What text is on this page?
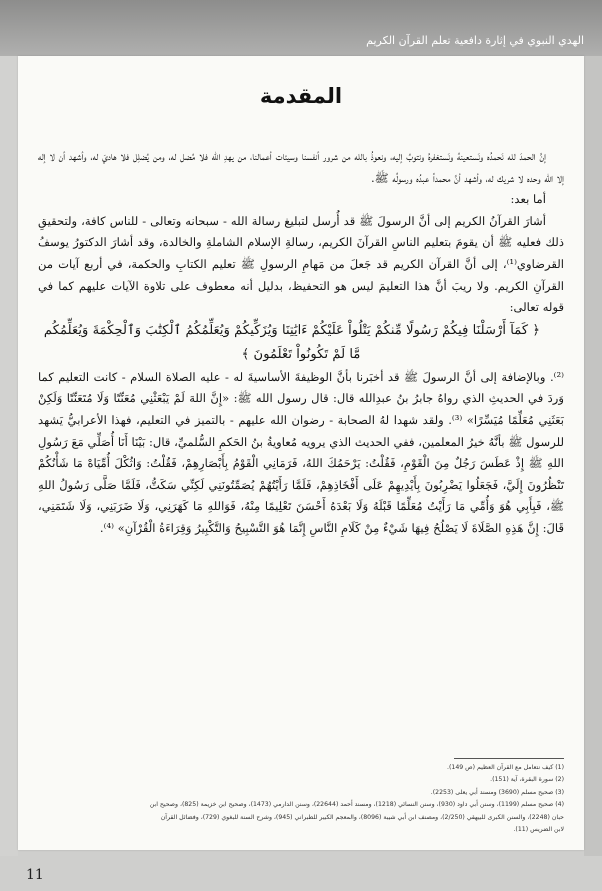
الهدي النبوي في إثارة دافعية تعلم القرآن الكريم
المقدمة

إنَّ الحمدَ لله نَحمدُه ونَستعينهُ ونَستغفرهُ ونتوبُ إليه، ونعوذُ بالله من شرور أنفسنا وسيئات أعمالنا، من يهدِ الله فلا مُضل له، ومن يُضلِل فلا هاديَ له، وأشهد أن لا إله إلا الله وحده لا شريك له، وأشهد أنَّ محمداً عبدُه ورسولُه ﷺ.

أما بعد:

أشارَ القرآنُ الكريم إلى أنَّ الرسولَ ﷺ قد أُرسل لتبليغ رسالة الله - سبحانه وتعالى - للناس كافة، ولتحقيقِ ذلك فعليه ﷺ أن يقومَ بتعليم الناسِ القرآنَ الكريم، رسالةِ الإسلام الشاملةِ والخالدة، وقد أشارَ الدكتورُ يوسفُ القرضاوي⁽¹⁾، إلى أنَّ القرآن الكريم قد جَعلَ من مَهامِ الرسولِ ﷺ تعليم الكتابِ والحكمة، في أربع آيات من القرآنِ الكريم. ولا ريبَ أنَّ هذا التعليمَ ليس هو التحفيظ، بدليل أنه معطوف على تلاوة الآيات عليهم كما في قوله تعالى:
﴿ كَمَآ أَرْسَلْنَا فِيكُمْ رَسُولًا مِّنكُمْ يَتْلُواْ عَلَيْكُمْ ءَايَٰتِنَا وَيُزَكِّيكُمْ وَيُعَلِّمُكُمُ ٱلْكِتَٰبَ وَٱلْحِكْمَةَ وَيُعَلِّمُكُم مَّا لَمْ تَكُونُواْ تَعْلَمُونَ ﴾
⁽²⁾. وبالإضافة إلى أنَّ الرسولَ ﷺ قد أخبَرنا بأنَّ الوظيفةَ الأساسيةَ له - عليه الصلاة السلام - كانت التعليم كما وَردَ في الحديثِ الذي رواهُ جابرُ بنُ عبدِالله قال: قال رسول الله ﷺ: «إِنَّ اللهَ لَمْ يَبْعَثْنِي مُعَنِّتًا وَلَا مُتَعَنِّتًا وَلَكِنْ بَعَثَنِي مُعَلِّمًا مُيَسِّرًا» ⁽³⁾. ولقد شهدا لهُ الصحابة - رضوان الله عليهم - بالتميز في التعليم، فهذا الأعرابيُّ يَشهد للرسول ﷺ بأنَّهُ خيرُ المعلمين، ففي الحديث الذي يرويه مُعاويةُ بنُ الحَكمِ السُّلميِّ، قال: بَيْنَا أَنَا أُصَلِّي مَعَ رَسُولِ اللهِ ﷺ إِذْ عَطَسَ رَجُلٌ مِنَ الْقَوْمِ، فَقُلْتُ: يَرْحَمُكَ اللهُ، فَرَمَانِي الْقَوْمُ بِأَبْصَارِهِمْ، فَقُلْتُ: وَاثُكْلَ أُمِّيَاهْ مَا شَأْنُكُمْ تَنْظُرُونَ إِلَيَّ، فَجَعَلُوا يَضْرِبُونَ بِأَيْدِيهِمْ عَلَى أَفْخَاذِهِمْ، فَلَمَّا رَأَيْتُهُمْ يُصَمِّتُونَنِي لَكِنِّي سَكَتُّ، فَلَمَّا صَلَّى رَسُولُ اللهِ ﷺ، فَبِأَبِي هُوَ وَأُمِّي مَا رَأَيْتُ مُعَلِّمًا قَبْلَهُ وَلَا بَعْدَهُ أَحْسَنَ تَعْلِيمًا مِنْهُ، فَوَاللهِ مَا كَهَرَنِي، وَلَا ضَرَبَنِي، وَلَا شَتَمَنِي، قَالَ: إِنَّ هَذِهِ الصَّلَاةَ لَا يَصْلُحُ فِيهَا شَيْءٌ مِنْ كَلَامِ النَّاسِ إِنَّمَا هُوَ التَّسْبِيحُ وَالتَّكْبِيرُ وَقِرَاءَةُ الْقُرْآنِ» ⁽⁴⁾.

(1) كيف نتعامل مع القرآن العظيم (ص 149).
(2) سورة البقرة، آية (151).
(3) صحيح مسلم (3690) ومسند أبي يعلى (2253).
(4) صحيح مسلم (1199)، وسنن أبي داود (930)، وسنن النسائي (1218)، ومسند أحمد (22644)، وسنن الدارمي (1473)، وصحيح ابن خزيمة (825)، وصحيح ابن
حبان (2248)، والسنن الكبرى للبيهقي (2/250)، ومصنف ابن أبي شيبة (8096)، والمعجم الكبير للطبراني (945)، وشرح السنة للبغوي (729)، وفضائل القرآن
لابن الضريس (11).
11
